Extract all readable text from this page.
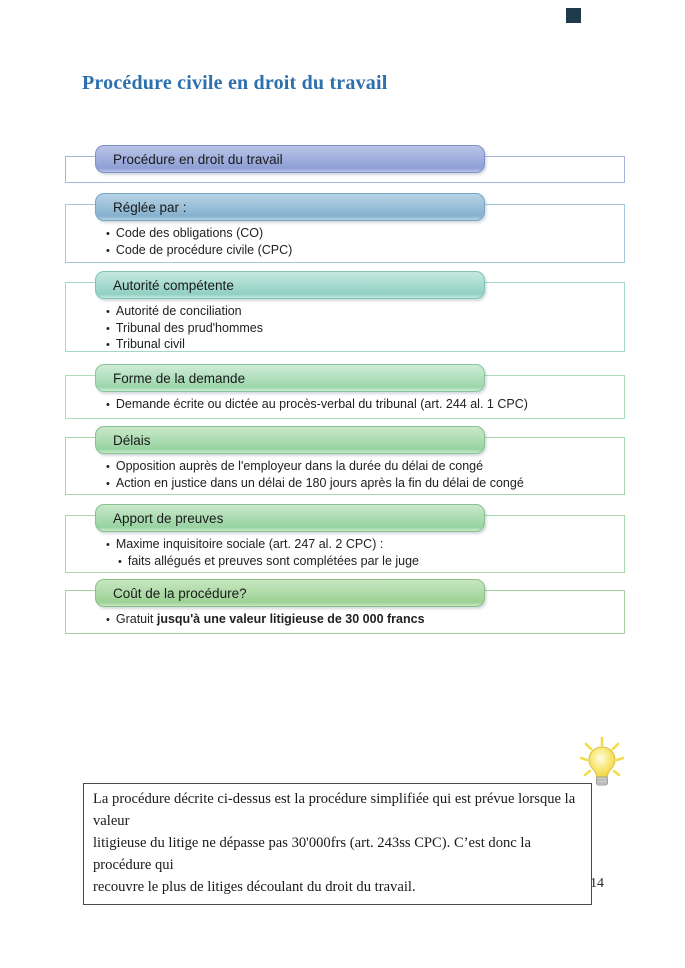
Procédure civile en droit du travail
Procédure en droit du travail
Réglée par :
• Code des obligations (CO)
• Code de procédure civile (CPC)
Autorité compétente
• Autorité de conciliation
• Tribunal des prud'hommes
• Tribunal civil
Forme de la demande
• Demande écrite ou dictée au procès-verbal du tribunal (art. 244 al. 1 CPC)
Délais
• Opposition auprès de l'employeur dans la durée du délai de congé
• Action en justice dans un délai de 180 jours après la fin du délai de congé
Apport de preuves
• Maxime inquisitoire sociale (art. 247 al. 2 CPC) :
• faits allégués et preuves sont complétées par le juge
Coût de la procédure?
• Gratuit jusqu'à une valeur litigieuse de 30 000 francs
La procédure décrite ci-dessus est la procédure simplifiée qui est prévue lorsque la valeur
litigieuse du litige ne dépasse pas 30'000frs (art. 243ss CPC). C’est donc la procédure qui
recouvre le plus de litiges découlant du droit du travail.	14
